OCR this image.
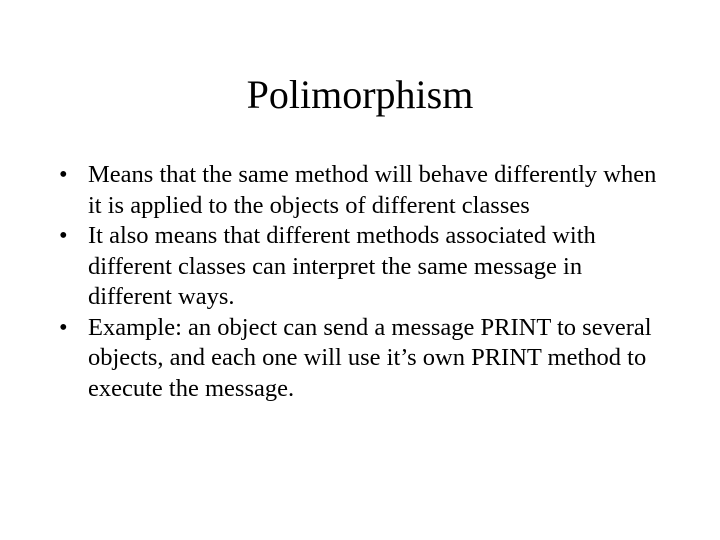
Polimorphism
• Means that the same method will behave differently when it is applied to the objects of different classes
• It also means that different methods associated with different classes can interpret the same message in different ways.
• Example: an object can send a message PRINT to several objects, and each one will use it’s own PRINT method to execute the message.
